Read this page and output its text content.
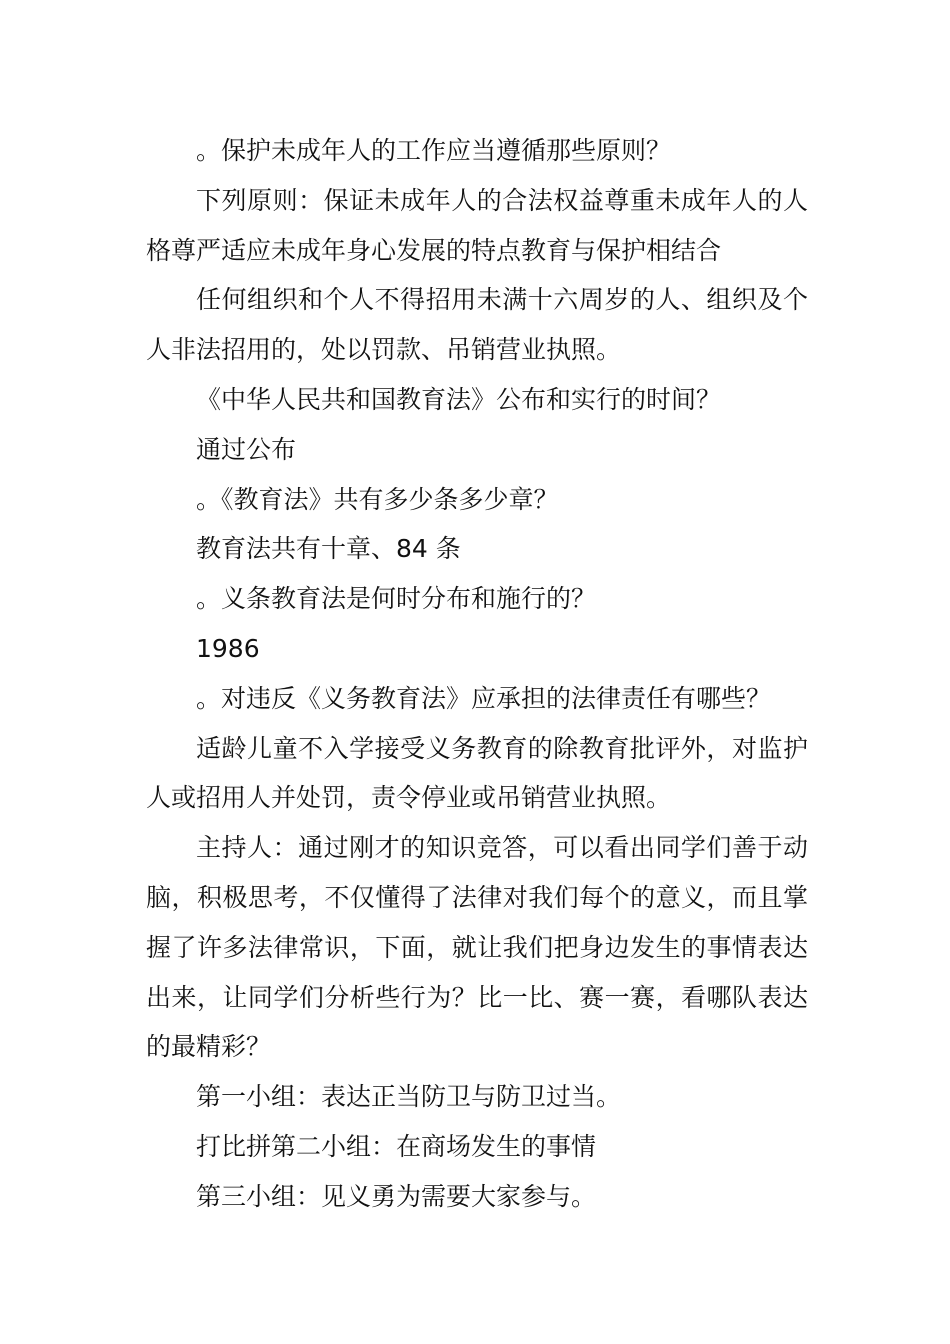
。保护未成年人的工作应当遵循那些原则？

下列原则：保证未成年人的合法权益尊重未成年人的人格尊严适应未成年身心发展的特点教育与保护相结合

任何组织和个人不得招用未满十六周岁的人、组织及个人非法招用的，处以罚款、吊销营业执照。

《中华人民共和国教育法》公布和实行的时间？

通过公布

。《教育法》共有多少条多少章？

教育法共有十章、84 条

。义条教育法是何时分布和施行的？

1986

。对违反《义务教育法》应承担的法律责任有哪些？

适龄儿童不入学接受义务教育的除教育批评外，对监护人或招用人并处罚，责令停业或吊销营业执照。

主持人：通过刚才的知识竞答，可以看出同学们善于动脑，积极思考，不仅懂得了法律对我们每个的意义，而且掌握了许多法律常识，下面，就让我们把身边发生的事情表达出来，让同学们分析些行为？比一比、赛一赛，看哪队表达的最精彩？

第一小组：表达正当防卫与防卫过当。

打比拼第二小组：在商场发生的事情

第三小组：见义勇为需要大家参与。
